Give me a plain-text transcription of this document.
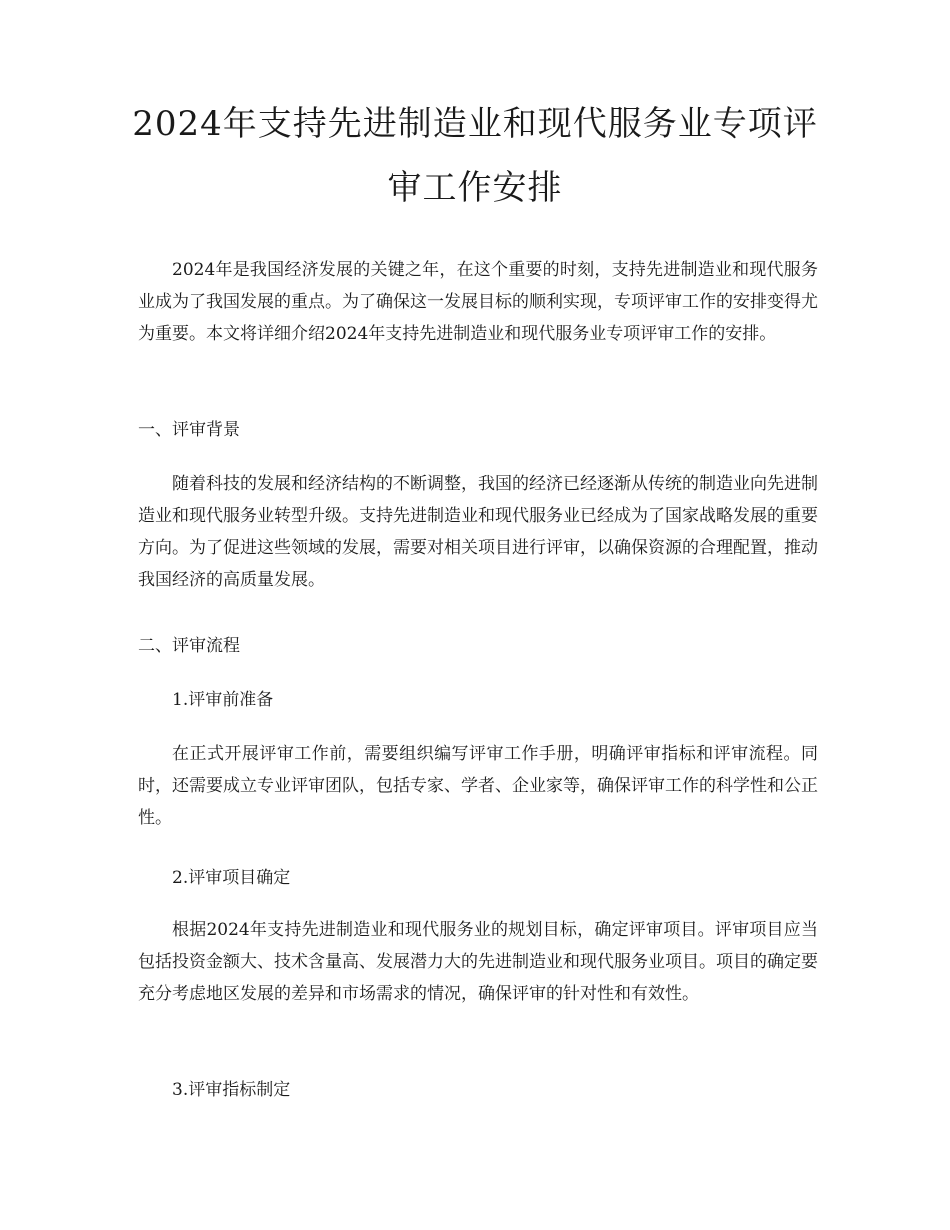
2024年支持先进制造业和现代服务业专项评
审工作安排

2024年是我国经济发展的关键之年，在这个重要的时刻，支持先进制造业和现代服务业成为了我国发展的重点。为了确保这一发展目标的顺利实现，专项评审工作的安排变得尤为重要。本文将详细介绍2024年支持先进制造业和现代服务业专项评审工作的安排。

一、评审背景

随着科技的发展和经济结构的不断调整，我国的经济已经逐渐从传统的制造业向先进制造业和现代服务业转型升级。支持先进制造业和现代服务业已经成为了国家战略发展的重要方向。为了促进这些领域的发展，需要对相关项目进行评审，以确保资源的合理配置，推动我国经济的高质量发展。

二、评审流程

1.评审前准备

在正式开展评审工作前，需要组织编写评审工作手册，明确评审指标和评审流程。同时，还需要成立专业评审团队，包括专家、学者、企业家等，确保评审工作的科学性和公正性。

2.评审项目确定

根据2024年支持先进制造业和现代服务业的规划目标，确定评审项目。评审项目应当包括投资金额大、技术含量高、发展潜力大的先进制造业和现代服务业项目。项目的确定要充分考虑地区发展的差异和市场需求的情况，确保评审的针对性和有效性。

3.评审指标制定
